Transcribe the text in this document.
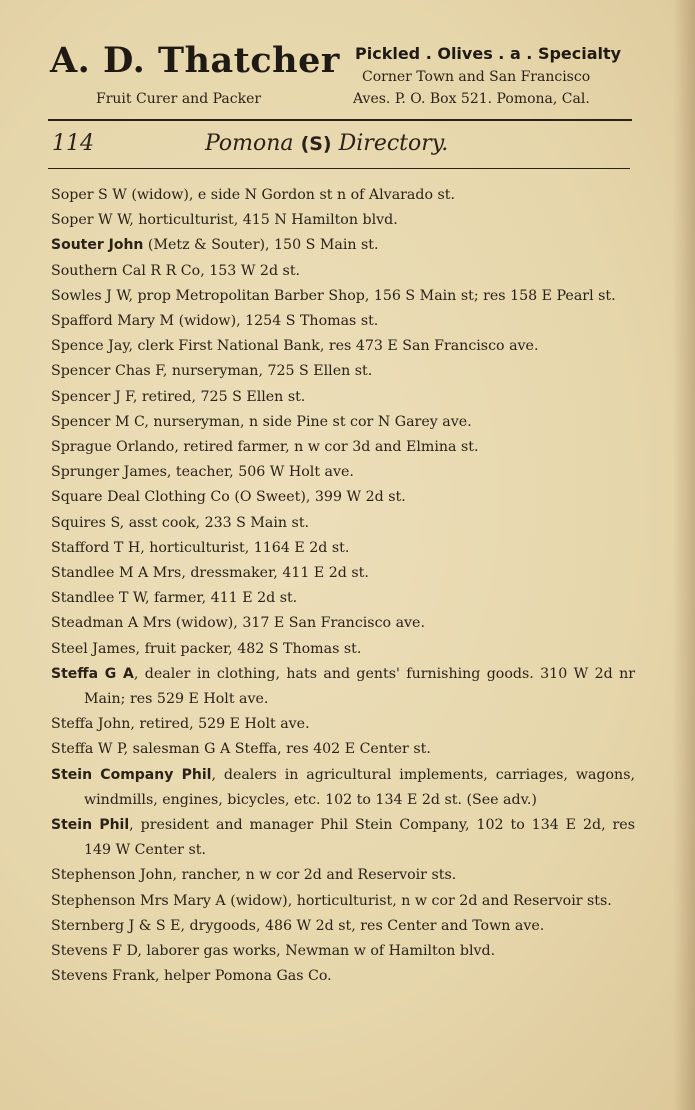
A. D. Thatcher
Fruit Curer and Packer
Pickled . Olives . a . Specialty
Corner Town and San Francisco
Aves. P. O. Box 521. Pomona, Cal.
114	Pomona (S) Directory.
Soper S W (widow), e side N Gordon st n of Alvarado st.
Soper W W, horticulturist, 415 N Hamilton blvd.
Souter John (Metz & Souter), 150 S Main st.
Southern Cal R R Co, 153 W 2d st.
Sowles J W, prop Metropolitan Barber Shop, 156 S Main st; res 158 E Pearl st.
Spafford Mary M (widow), 1254 S Thomas st.
Spence Jay, clerk First National Bank, res 473 E San Francisco ave.
Spencer Chas F, nurseryman, 725 S Ellen st.
Spencer J F, retired, 725 S Ellen st.
Spencer M C, nurseryman, n side Pine st cor N Garey ave.
Sprague Orlando, retired farmer, n w cor 3d and Elmina st.
Sprunger James, teacher, 506 W Holt ave.
Square Deal Clothing Co (O Sweet), 399 W 2d st.
Squires S, asst cook, 233 S Main st.
Stafford T H, horticulturist, 1164 E 2d st.
Standlee M A Mrs, dressmaker, 411 E 2d st.
Standlee T W, farmer, 411 E 2d st.
Steadman A Mrs (widow), 317 E San Francisco ave.
Steel James, fruit packer, 482 S Thomas st.
Steffa G A, dealer in clothing, hats and gents' furnishing goods. 310 W 2d nr Main; res 529 E Holt ave.
Steffa John, retired, 529 E Holt ave.
Steffa W P, salesman G A Steffa, res 402 E Center st.
Stein Company Phil, dealers in agricultural implements, carriages, wagons, windmills, engines, bicycles, etc. 102 to 134 E 2d st. (See adv.)
Stein Phil, president and manager Phil Stein Company, 102 to 134 E 2d, res 149 W Center st.
Stephenson John, rancher, n w cor 2d and Reservoir sts.
Stephenson Mrs Mary A (widow), horticulturist, n w cor 2d and Reservoir sts.
Sternberg J & S E, drygoods, 486 W 2d st, res Center and Town ave.
Stevens F D, laborer gas works, Newman w of Hamilton blvd.
Stevens Frank, helper Pomona Gas Co.
